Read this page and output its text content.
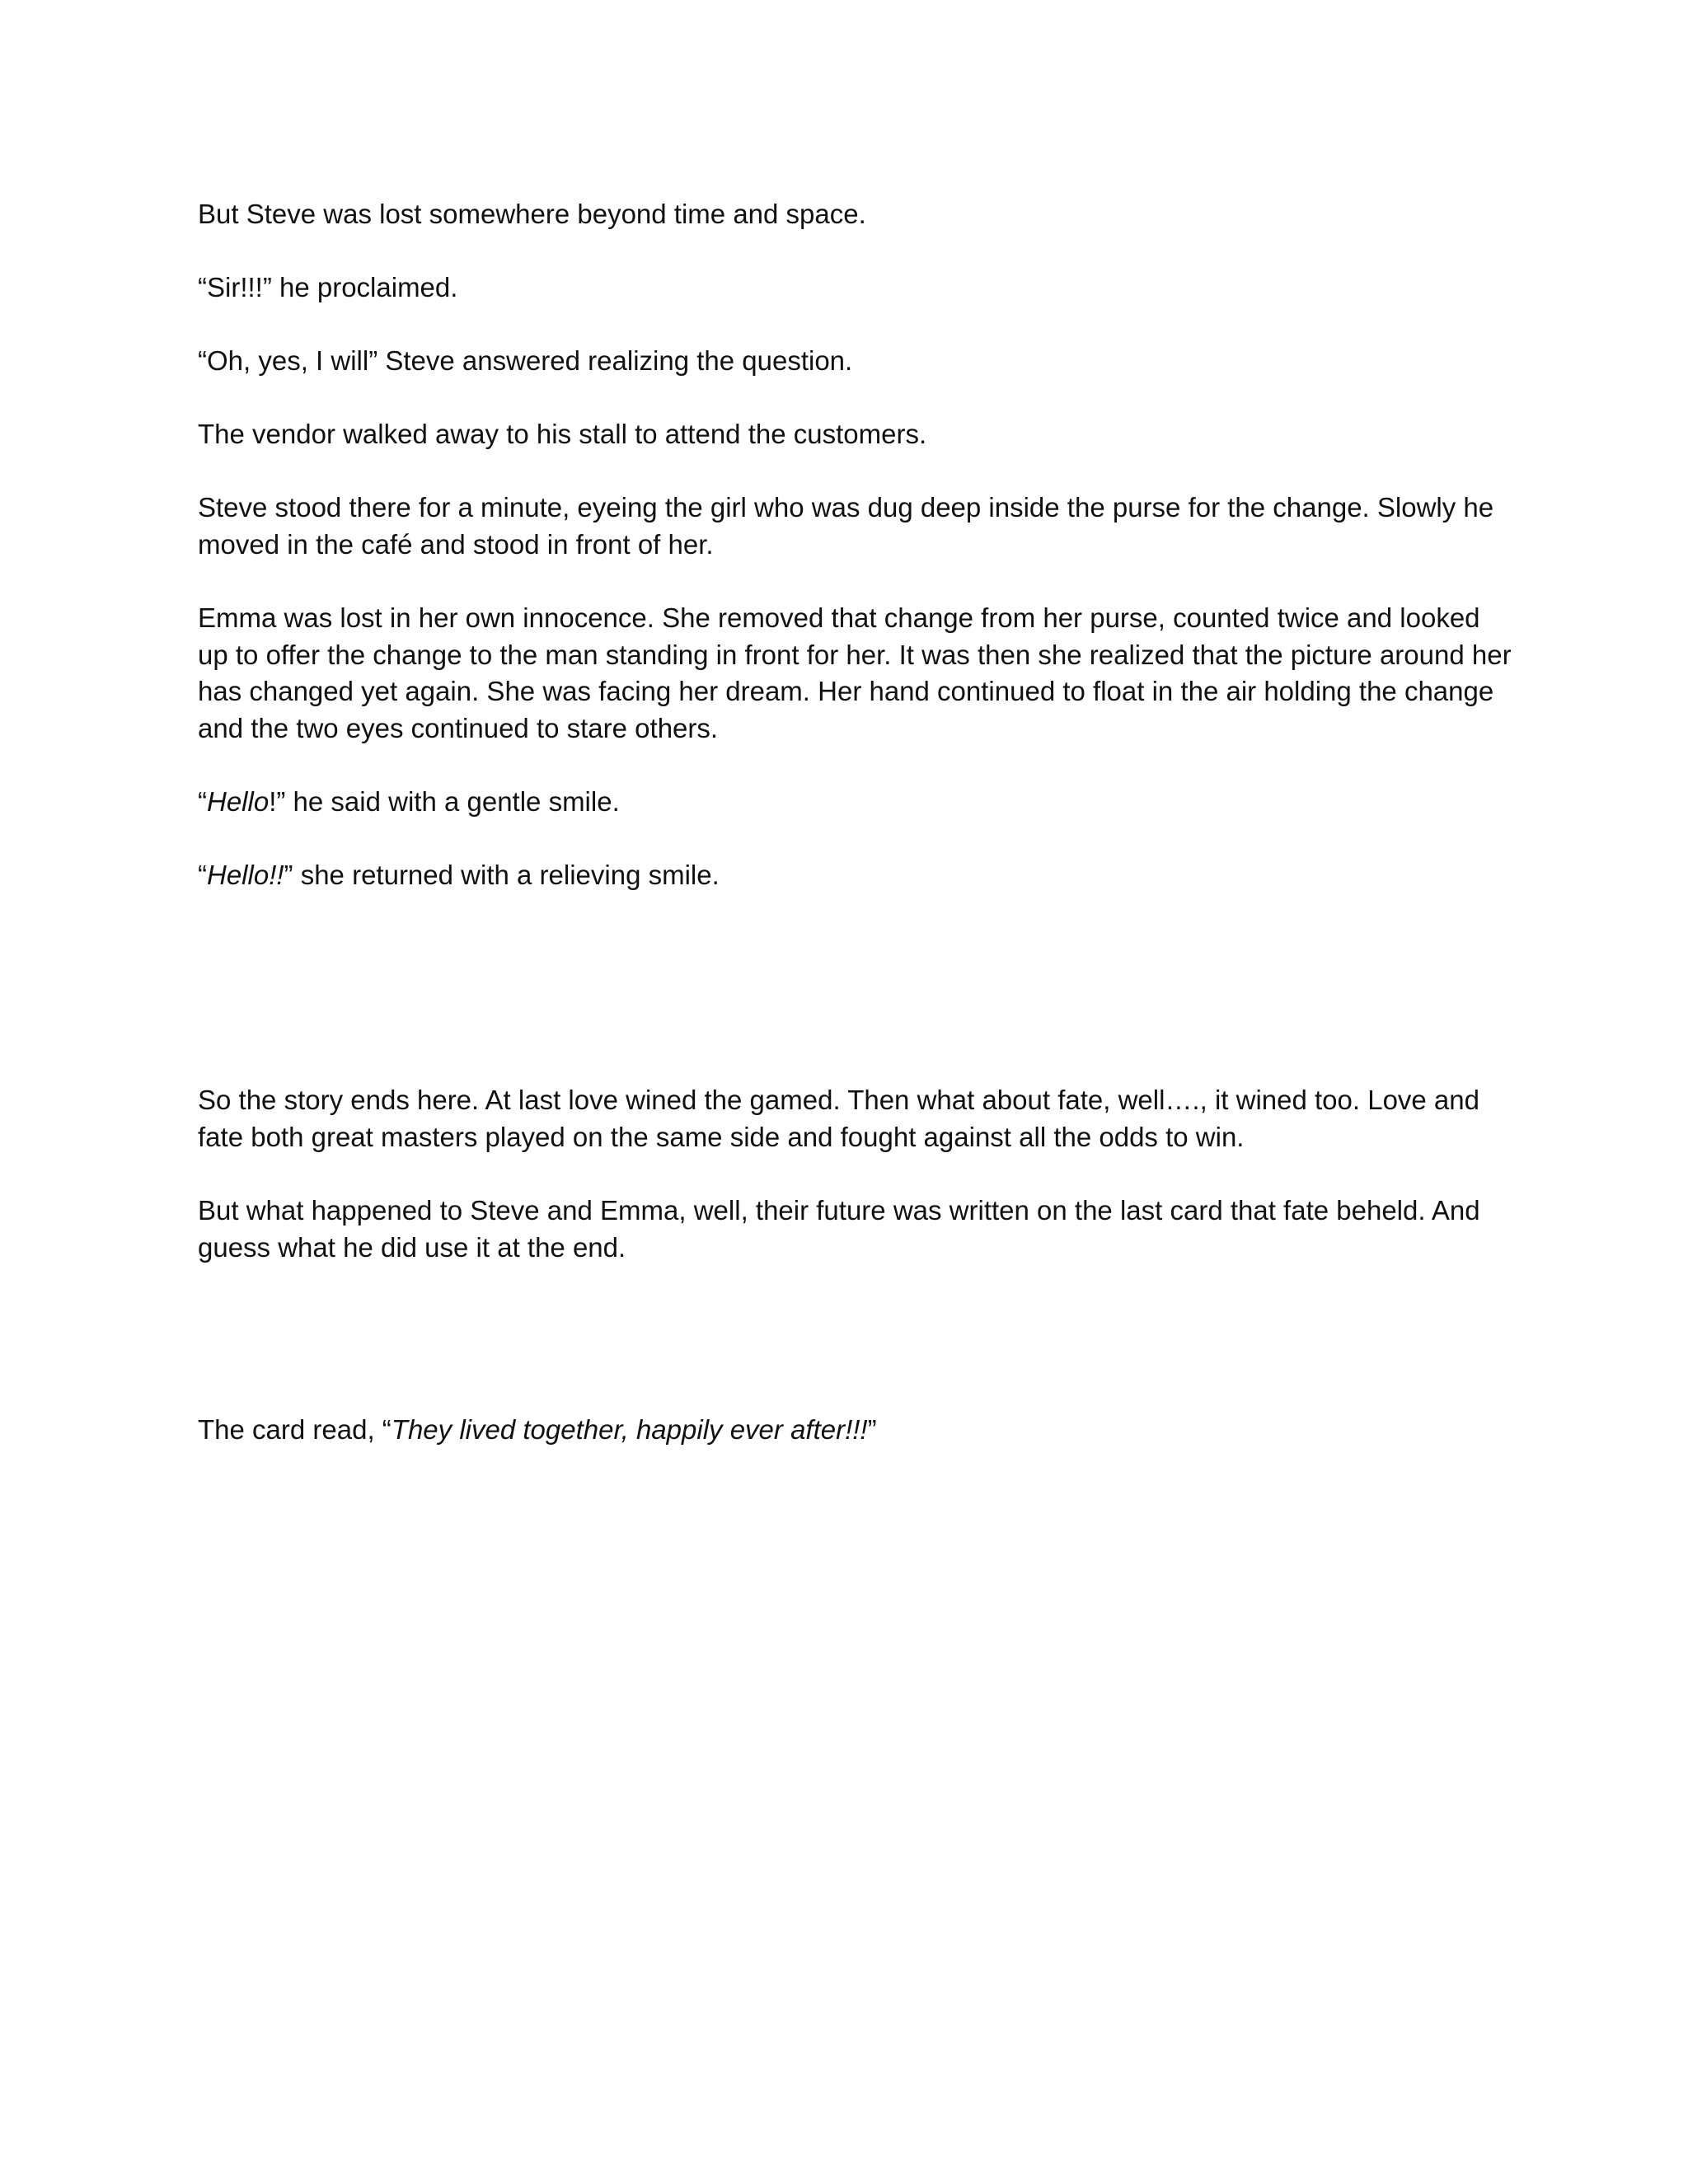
But Steve was lost somewhere beyond time and space.

“Sir!!!” he proclaimed.

“Oh, yes, I will” Steve answered realizing the question.

The vendor walked away to his stall to attend the customers.

Steve stood there for a minute, eyeing the girl who was dug deep inside the purse for the change. Slowly he moved in the café and stood in front of her.

Emma was lost in her own innocence. She removed that change from her purse, counted twice and looked up to offer the change to the man standing in front for her. It was then she realized that the picture around her has changed yet again. She was facing her dream. Her hand continued to float in the air holding the change and the two eyes continued to stare others.

“Hello!” he said with a gentle smile.

“Hello!!” she returned with a relieving smile.

So the story ends here. At last love wined the gamed. Then what about fate, well…., it wined too. Love and fate both great masters played on the same side and fought against all the odds to win.

But what happened to Steve and Emma, well, their future was written on the last card that fate beheld. And guess what he did use it at the end.

The card read, “They lived together, happily ever after!!!”
